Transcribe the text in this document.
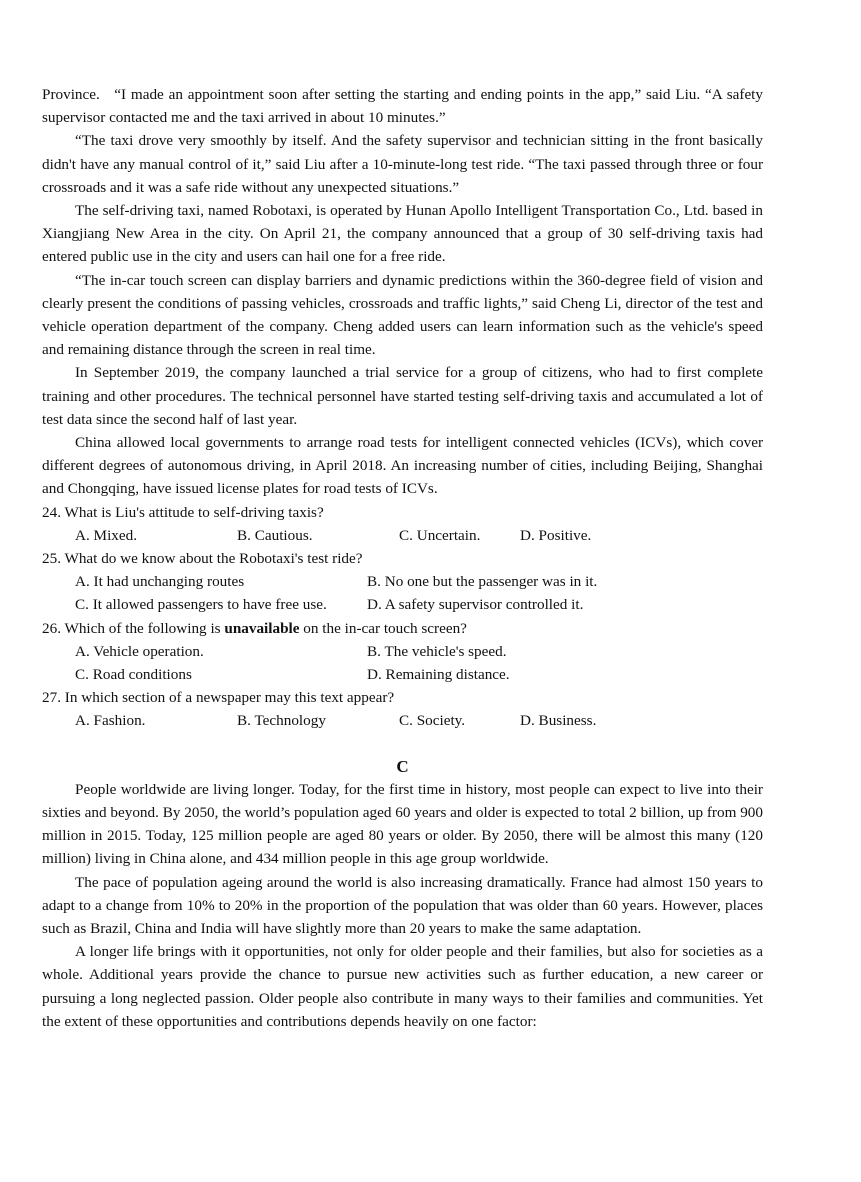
Province.   “I made an appointment soon after setting the starting and ending points in the app,” said Liu. “A safety supervisor contacted me and the taxi arrived in about 10 minutes.”

“The taxi drove very smoothly by itself. And the safety supervisor and technician sitting in the front basically didn't have any manual control of it,” said Liu after a 10-minute-long test ride. “The taxi passed through three or four crossroads and it was a safe ride without any unexpected situations.”

The self-driving taxi, named Robotaxi, is operated by Hunan Apollo Intelligent Transportation Co., Ltd. based in Xiangjiang New Area in the city. On April 21, the company announced that a group of 30 self-driving taxis had entered public use in the city and users can hail one for a free ride.

“The in-car touch screen can display barriers and dynamic predictions within the 360-degree field of vision and clearly present the conditions of passing vehicles, crossroads and traffic lights,” said Cheng Li, director of the test and vehicle operation department of the company. Cheng added users can learn information such as the vehicle's speed and remaining distance through the screen in real time.

In September 2019, the company launched a trial service for a group of citizens, who had to first complete training and other procedures. The technical personnel have started testing self-driving taxis and accumulated a lot of test data since the second half of last year.

China allowed local governments to arrange road tests for intelligent connected vehicles (ICVs), which cover different degrees of autonomous driving, in April 2018. An increasing number of cities, including Beijing, Shanghai and Chongqing, have issued license plates for road tests of ICVs.

24. What is Liu's attitude to self-driving taxis?

A. Mixed.	B. Cautious.	C. Uncertain.	D. Positive.

25. What do we know about the Robotaxi's test ride?

A. It had unchanging routes	B. No one but the passenger was in it.
C. It allowed passengers to have free use.	D. A safety supervisor controlled it.

26. Which of the following is unavailable on the in-car touch screen?

A. Vehicle operation.	B. The vehicle's speed.
C. Road conditions	D. Remaining distance.

27. In which section of a newspaper may this text appear?

A. Fashion.	B. Technology	C. Society.	D. Business.
C

People worldwide are living longer. Today, for the first time in history, most people can expect to live into their sixties and beyond. By 2050, the world’s population aged 60 years and older is expected to total 2 billion, up from 900 million in 2015. Today, 125 million people are aged 80 years or older. By 2050, there will be almost this many (120 million) living in China alone, and 434 million people in this age group worldwide.

The pace of population ageing around the world is also increasing dramatically. France had almost 150 years to adapt to a change from 10% to 20% in the proportion of the population that was older than 60 years. However, places such as Brazil, China and India will have slightly more than 20 years to make the same adaptation.

A longer life brings with it opportunities, not only for older people and their families, but also for societies as a whole. Additional years provide the chance to pursue new activities such as further education, a new career or pursuing a long neglected passion. Older people also contribute in many ways to their families and communities. Yet the extent of these opportunities and contributions depends heavily on one factor:
